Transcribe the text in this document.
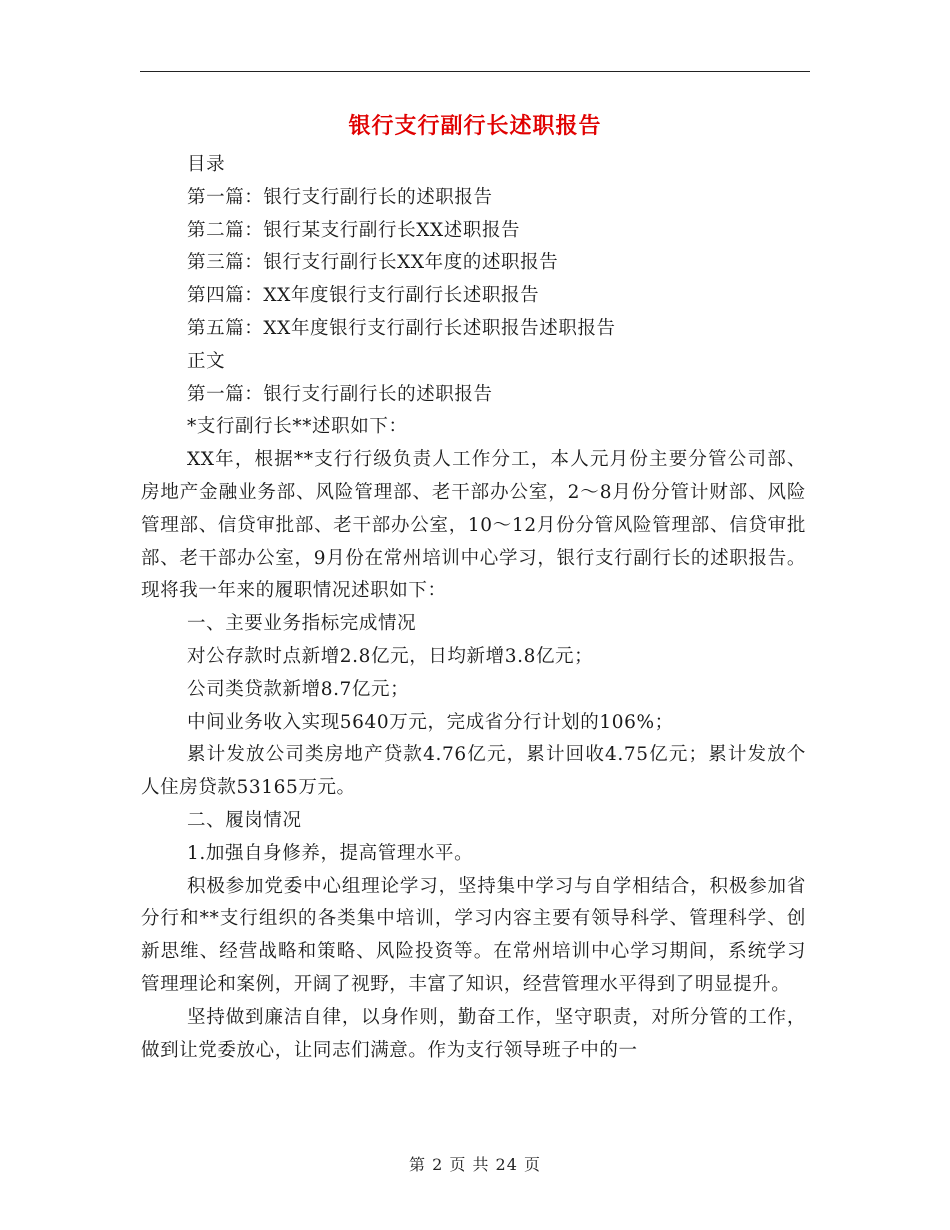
银行支行副行长述职报告

目录

第一篇：银行支行副行长的述职报告

第二篇：银行某支行副行长XX述职报告

第三篇：银行支行副行长XX年度的述职报告

第四篇：XX年度银行支行副行长述职报告

第五篇：XX年度银行支行副行长述职报告述职报告

正文

第一篇：银行支行副行长的述职报告

*支行副行长**述职如下：

XX年，根据**支行行级负责人工作分工，本人元月份主要分管公司部、房地产金融业务部、风险管理部、老干部办公室，2～8月份分管计财部、风险管理部、信贷审批部、老干部办公室，10～12月份分管风险管理部、信贷审批部、老干部办公室，9月份在常州培训中心学习，银行支行副行长的述职报告。现将我一年来的履职情况述职如下：

一、主要业务指标完成情况

对公存款时点新增2.8亿元，日均新增3.8亿元；

公司类贷款新增8.7亿元；

中间业务收入实现5640万元，完成省分行计划的106%；

累计发放公司类房地产贷款4.76亿元，累计回收4.75亿元；累计发放个人住房贷款53165万元。

二、履岗情况

1.加强自身修养，提高管理水平。

积极参加党委中心组理论学习，坚持集中学习与自学相结合，积极参加省分行和**支行组织的各类集中培训，学习内容主要有领导科学、管理科学、创新思维、经营战略和策略、风险投资等。在常州培训中心学习期间，系统学习管理理论和案例，开阔了视野，丰富了知识，经营管理水平得到了明显提升。

坚持做到廉洁自律，以身作则，勤奋工作，坚守职责，对所分管的工作，做到让党委放心，让同志们满意。作为支行领导班子中的一

第 2 页 共 24 页
